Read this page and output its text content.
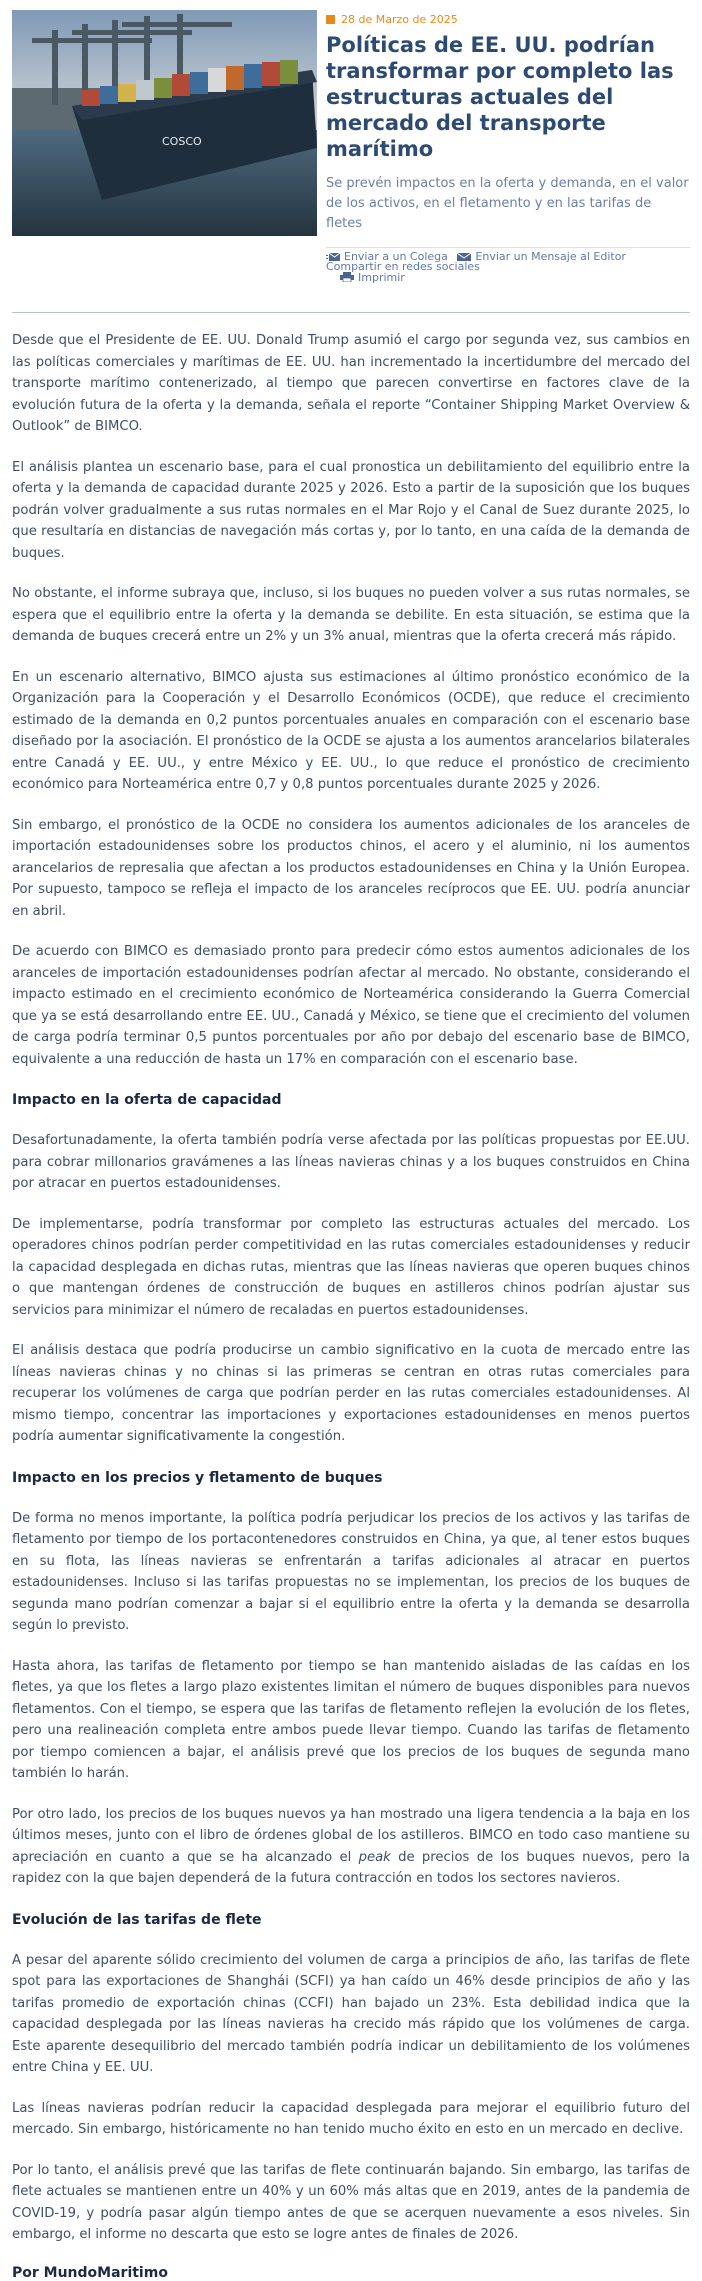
COSCO
28 de Marzo de 2025
Políticas de EE. UU. podrían transformar por completo las estructuras actuales del mercado del transporte marítimo

Se prevén impactos en la oferta y demanda, en el valor de los activos, en el fletamento y en las tarifas de fletes

Enviar a un Colega
	Enviar un Mensaje al Editor
Imprimir
Compartir en redes sociales

Desde que el Presidente de EE. UU. Donald Trump asumió el cargo por segunda vez, sus cambios en las políticas comerciales y marítimas de EE. UU. han incrementado la incertidumbre del mercado del transporte marítimo contenerizado, al tiempo que parecen convertirse en factores clave de la evolución futura de la oferta y la demanda, señala el reporte “Container Shipping Market Overview & Outlook” de BIMCO.

El análisis plantea un escenario base, para el cual pronostica un debilitamiento del equilibrio entre la oferta y la demanda de capacidad durante 2025 y 2026. Esto a partir de la suposición que los buques podrán volver gradualmente a sus rutas normales en el Mar Rojo y el Canal de Suez durante 2025, lo que resultaría en distancias de navegación más cortas y, por lo tanto, en una caída de la demanda de buques.

No obstante, el informe subraya que, incluso, si los buques no pueden volver a sus rutas normales, se espera que el equilibrio entre la oferta y la demanda se debilite. En esta situación, se estima que la demanda de buques crecerá entre un 2% y un 3% anual, mientras que la oferta crecerá más rápido.

En un escenario alternativo, BIMCO ajusta sus estimaciones al último pronóstico económico de la Organización para la Cooperación y el Desarrollo Económicos (OCDE), que reduce el crecimiento estimado de la demanda en 0,2 puntos porcentuales anuales en comparación con el escenario base diseñado por la asociación. El pronóstico de la OCDE se ajusta a los aumentos arancelarios bilaterales entre Canadá y EE. UU., y entre México y EE. UU., lo que reduce el pronóstico de crecimiento económico para Norteamérica entre 0,7 y 0,8 puntos porcentuales durante 2025 y 2026.

Sin embargo, el pronóstico de la OCDE no considera los aumentos adicionales de los aranceles de importación estadounidenses sobre los productos chinos, el acero y el aluminio, ni los aumentos arancelarios de represalia que afectan a los productos estadounidenses en China y la Unión Europea. Por supuesto, tampoco se refleja el impacto de los aranceles recíprocos que EE. UU. podría anunciar en abril.

De acuerdo con BIMCO es demasiado pronto para predecir cómo estos aumentos adicionales de los aranceles de importación estadounidenses podrían afectar al mercado. No obstante, considerando el impacto estimado en el crecimiento económico de Norteamérica considerando la Guerra Comercial que ya se está desarrollando entre EE. UU., Canadá y México, se tiene que el crecimiento del volumen de carga podría terminar 0,5 puntos porcentuales por año por debajo del escenario base de BIMCO, equivalente a una reducción de hasta un 17% en comparación con el escenario base.

Impacto en la oferta de capacidad

Desafortunadamente, la oferta también podría verse afectada por las políticas propuestas por EE.UU. para cobrar millonarios gravámenes a las líneas navieras chinas y a los buques construidos en China por atracar en puertos estadounidenses.

De implementarse, podría transformar por completo las estructuras actuales del mercado. Los operadores chinos podrían perder competitividad en las rutas comerciales estadounidenses y reducir la capacidad desplegada en dichas rutas, mientras que las líneas navieras que operen buques chinos o que mantengan órdenes de construcción de buques en astilleros chinos podrían ajustar sus servicios para minimizar el número de recaladas en puertos estadounidenses.

El análisis destaca que podría producirse un cambio significativo en la cuota de mercado entre las líneas navieras chinas y no chinas si las primeras se centran en otras rutas comerciales para recuperar los volúmenes de carga que podrían perder en las rutas comerciales estadounidenses. Al mismo tiempo, concentrar las importaciones y exportaciones estadounidenses en menos puertos podría aumentar significativamente la congestión.

Impacto en los precios y fletamento de buques

De forma no menos importante, la política podría perjudicar los precios de los activos y las tarifas de fletamento por tiempo de los portacontenedores construidos en China, ya que, al tener estos buques en su flota, las líneas navieras se enfrentarán a tarifas adicionales al atracar en puertos estadounidenses. Incluso si las tarifas propuestas no se implementan, los precios de los buques de segunda mano podrían comenzar a bajar si el equilibrio entre la oferta y la demanda se desarrolla según lo previsto.

Hasta ahora, las tarifas de fletamento por tiempo se han mantenido aisladas de las caídas en los fletes, ya que los fletes a largo plazo existentes limitan el número de buques disponibles para nuevos fletamentos. Con el tiempo, se espera que las tarifas de fletamento reflejen la evolución de los fletes, pero una realineación completa entre ambos puede llevar tiempo. Cuando las tarifas de fletamento por tiempo comiencen a bajar, el análisis prevé que los precios de los buques de segunda mano también lo harán.

Por otro lado, los precios de los buques nuevos ya han mostrado una ligera tendencia a la baja en los últimos meses, junto con el libro de órdenes global de los astilleros. BIMCO en todo caso mantiene su apreciación en cuanto a que se ha alcanzado el peak de precios de los buques nuevos, pero la rapidez con la que bajen dependerá de la futura contracción en todos los sectores navieros.

Evolución de las tarifas de flete

A pesar del aparente sólido crecimiento del volumen de carga a principios de año, las tarifas de flete spot para las exportaciones de Shanghái (SCFI) ya han caído un 46% desde principios de año y las tarifas promedio de exportación chinas (CCFI) han bajado un 23%. Esta debilidad indica que la capacidad desplegada por las líneas navieras ha crecido más rápido que los volúmenes de carga. Este aparente desequilibrio del mercado también podría indicar un debilitamiento de los volúmenes entre China y EE. UU.

Las líneas navieras podrían reducir la capacidad desplegada para mejorar el equilibrio futuro del mercado. Sin embargo, históricamente no han tenido mucho éxito en esto en un mercado en declive.

Por lo tanto, el análisis prevé que las tarifas de flete continuarán bajando. Sin embargo, las tarifas de flete actuales se mantienen entre un 40% y un 60% más altas que en 2019, antes de la pandemia de COVID-19, y podría pasar algún tiempo antes de que se acerquen nuevamente a esos niveles. Sin embargo, el informe no descarta que esto se logre antes de finales de 2026.

Por MundoMaritimo
